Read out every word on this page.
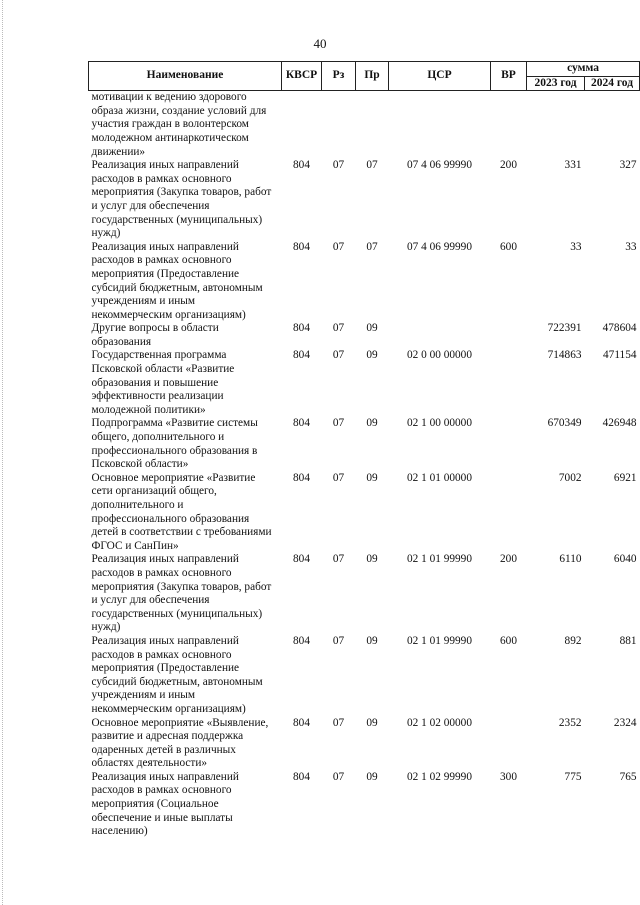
40
Наименование	КВСР	Рз	Пр	ЦСР	ВР	сумма	
						2023 год	2024 год
мотивации к ведению здорового образа жизни, создание условий для участия граждан в волонтерском молодежном антинаркотическом движении»							
Реализация иных направлений расходов в рамках основного мероприятия (Закупка товаров, работ и услуг для обеспечения государственных (муниципальных) нужд)	804	07	07	07 4 06 99990	200	331	327
Реализация иных направлений расходов в рамках основного мероприятия (Предоставление субсидий бюджетным, автономным учреждениям и иным некоммерческим организациям)	804	07	07	07 4 06 99990	600	33	33
Другие вопросы в области образования	804	07	09			722391	478604
Государственная программа Псковской области «Развитие образования и повышение эффективности реализации молодежной политики»	804	07	09	02 0 00 00000		714863	471154
Подпрограмма «Развитие системы общего, дополнительного и профессионального образования в Псковской области»	804	07	09	02 1 00 00000		670349	426948
Основное мероприятие «Развитие сети организаций общего, дополнительного и профессионального образования детей в соответствии с требованиями ФГОС и СанПин»	804	07	09	02 1 01 00000		7002	6921
Реализация иных направлений расходов в рамках основного мероприятия (Закупка товаров, работ и услуг для обеспечения государственных (муниципальных) нужд)	804	07	09	02 1 01 99990	200	6110	6040
Реализация иных направлений расходов в рамках основного мероприятия (Предоставление субсидий бюджетным, автономным учреждениям и иным некоммерческим организациям)	804	07	09	02 1 01 99990	600	892	881
Основное мероприятие «Выявление, развитие и адресная поддержка одаренных детей в различных областях деятельности»	804	07	09	02 1 02 00000		2352	2324
Реализация иных направлений расходов в рамках основного мероприятия (Социальное обеспечение и иные выплаты населению)	804	07	09	02 1 02 99990	300	775	765
